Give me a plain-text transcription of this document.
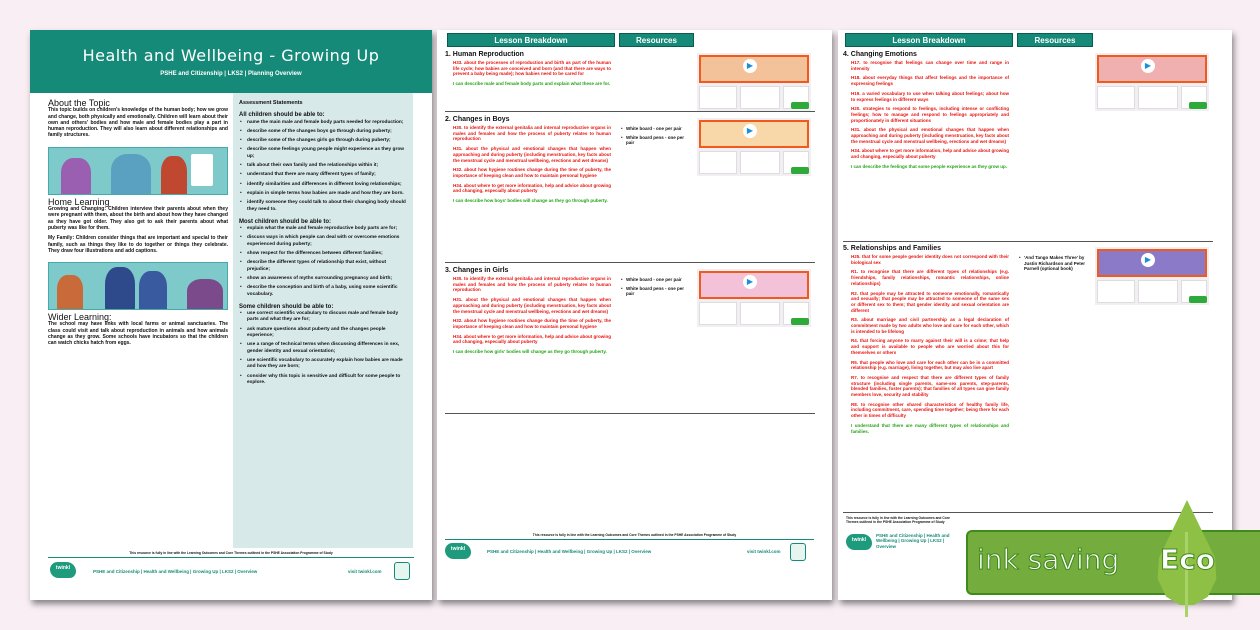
Health and Wellbeing - Growing Up
PSHE and Citizenship | LKS2 | Planning Overview
About the Topic

This topic builds on children's knowledge of the human body; how we grow and change, both physically and emotionally. Children will learn about their own and others' bodies and how male and female bodies play a part in human reproduction. They will also learn about different relationships and family structures.

Home Learning

Growing and Changing: Children interview their parents about when they were pregnant with them, about the birth and about how they have changed as they have got older. They also get to ask their parents about what puberty was like for them.

My Family: Children consider things that are important and special to their family, such as things they like to do together or things they celebrate. They draw four illustrations and add captions.

Wider Learning:

The school may have links with local farms or animal sanctuaries. The class could visit and talk about reproduction in animals and how animals change as they grow. Some schools have incubators so that the children can watch chicks hatch from eggs.

Assessment Statements
All children should be able to:
• name the main male and female body parts needed for reproduction;
• describe some of the changes boys go through during puberty;
• describe some of the changes girls go through during puberty;
• describe some feelings young people might experience as they grow up;
• talk about their own family and the relationships within it;
• understand that there are many different types of family;
• identify similarities and differences in different loving relationships;
• explain in simple terms how babies are made and how they are born.
• identify someone they could talk to about their changing body should they need to.
Most children should be able to:
• explain what the male and female reproductive body parts are for;
• discuss ways in which people can deal with or overcome emotions experienced during puberty;
• show respect for the differences between different families;
• describe the different types of relationship that exist, without prejudice;
• show an awareness of myths surrounding pregnancy and birth;
• describe the conception and birth of a baby, using some scientific vocabulary.
Some children should be able to:
• use correct scientific vocabulary to discuss male and female body parts and what they are for;
• ask mature questions about puberty and the changes people experience;
• use a range of technical terms when discussing differences in sex, gender identity and sexual orientation;
• use scientific vocabulary to accurately explain how babies are made and how they are born;
• consider why this topic is sensitive and difficult for some people to explore.
This resource is fully in line with the Learning Outcomes and Core Themes outlined in the PSHE Association Programme of Study
twinkl LIFE
PSHE and Citizenship | Health and Wellbeing | Growing Up | LKS2 | Overview	visit twinkl.com
Lesson Breakdown	Resources
1. Human Reproduction
H33. about the processes of reproduction and birth as part of the human life cycle; how babies are conceived and born (and that there are ways to prevent a baby being made); how babies need to be cared for
I can describe male and female body parts and explain what these are for.
▶
2. Changes in Boys
H30. to identify the external genitalia and internal reproductive organs in males and females and how the process of puberty relates to human reproduction
H31. about the physical and emotional changes that happen when approaching and during puberty (including menstruation, key facts about the menstrual cycle and menstrual wellbeing, erections and wet dreams)
H32. about how hygiene routines change during the time of puberty, the importance of keeping clean and how to maintain personal hygiene
H34. about where to get more information, help and advice about growing and changing, especially about puberty
I can describe how boys' bodies will change as they go through puberty.
• White board - one per pair
• White board pens - one per pair
▶
3. Changes in Girls
H30. to identify the external genitalia and internal reproductive organs in males and females and how the process of puberty relates to human reproduction
H31. about the physical and emotional changes that happen when approaching and during puberty (including menstruation, key facts about the menstrual cycle and menstrual wellbeing, erections and wet dreams)
H32. about how hygiene routines change during the time of puberty, the importance of keeping clean and how to maintain personal hygiene
H34. about where to get more information, help and advice about growing and changing, especially about puberty
I can describe how girls' bodies will change as they go through puberty.
• White board - one per pair
• White board pens - one per pair
▶
This resource is fully in line with the Learning Outcomes and Core Themes outlined in the PSHE Association Programme of Study
twinkl LIFE
PSHE and Citizenship | Health and Wellbeing | Growing Up | LKS2 | Overview	visit twinkl.com
Lesson Breakdown	Resources
4. Changing Emotions
H17. to recognise that feelings can change over time and range in intensity
H18. about everyday things that affect feelings and the importance of expressing feelings
H19. a varied vocabulary to use when talking about feelings; about how to express feelings in different ways
H20. strategies to respond to feelings, including intense or conflicting feelings; how to manage and respond to feelings appropriately and proportionately in different situations
H31. about the physical and emotional changes that happen when approaching and during puberty (including menstruation, key facts about the menstrual cycle and menstrual wellbeing, erections and wet dreams)
H34. about where to get more information, help and advice about growing and changing, especially about puberty
I can describe the feelings that some people experience as they grow up.
▶
5. Relationships and Families
H25. that for some people gender identity does not correspond with their biological sex
R1. to recognise that there are different types of relationships (e.g. friendships, family relationships, romantic relationships, online relationships)
R2. that people may be attracted to someone emotionally, romantically and sexually; that people may be attracted to someone of the same sex or different sex to them; that gender identity and sexual orientation are different
R3. about marriage and civil partnership as a legal declaration of commitment made by two adults who love and care for each other, which is intended to be lifelong
R4. that forcing anyone to marry against their will is a crime; that help and support is available to people who are worried about this for themselves or others
R5. that people who love and care for each other can be in a committed relationship (e.g. marriage), living together, but may also live apart
R7. to recognise and respect that there are different types of family structure (including single parents, same-sex parents, step-parents, blended families, foster parents); that families of all types can give family members love, security and stability
R8. to recognise other shared characteristics of healthy family life, including commitment, care, spending time together; being there for each other in times of difficulty
I understand that there are many different types of relationships and families.
• 'And Tango Makes Three' by Justin Richardson and Peter Parnell (optional book)
▶
This resource is fully in line with the Learning Outcomes and Core Themes outlined in the PSHE Association Programme of Study
twinkl LIFE
PSHE and Citizenship | Health and Wellbeing | Growing Up | LKS2 | Overview	ink saving Eco
